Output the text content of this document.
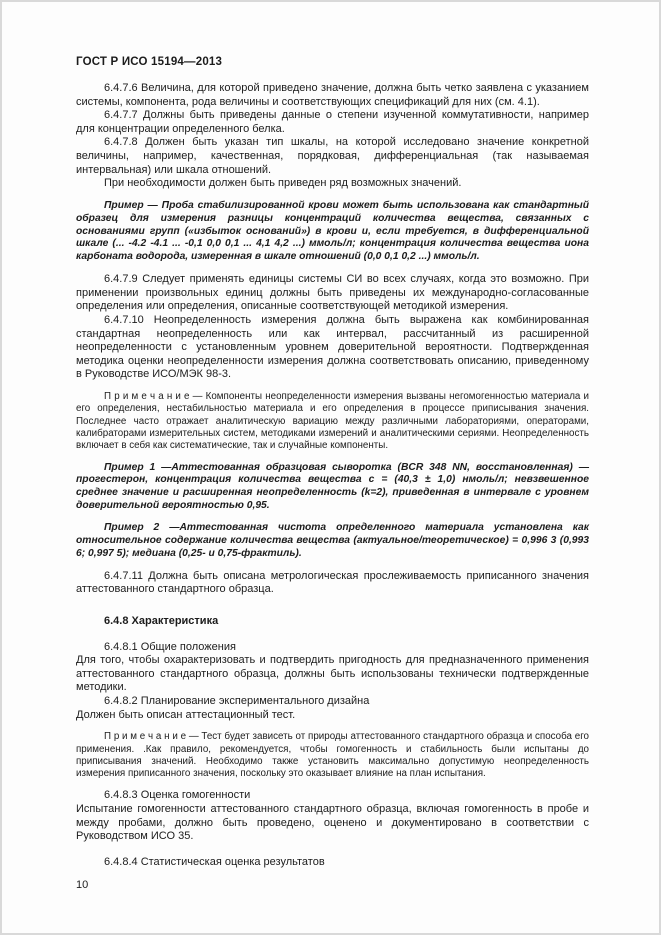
ГОСТ Р ИСО 15194—2013

6.4.7.6 Величина, для которой приведено значение, должна быть четко заявлена с указанием системы, компонента, рода величины и соответствующих спецификаций для них (см. 4.1).

6.4.7.7 Должны быть приведены данные о степени изученной коммутативности, например для концентрации определенного белка.

6.4.7.8 Должен быть указан тип шкалы, на которой исследовано значение конкретной величины, например, качественная, порядковая, дифференциальная (так называемая интервальная) или шкала отношений.

При необходимости должен быть приведен ряд возможных значений.

Пример — Проба стабилизированной крови может быть использована как стандартный образец для измерения разницы концентраций количества вещества, связанных с основаниями групп («избыток оснований») в крови и, если требуется, в дифференциальной шкале (... -4.2 -4.1 ... -0,1 0,0 0,1 ... 4,1 4,2 ...) ммоль/л; концентрация количества вещества иона карбоната водорода, измеренная в шкале отношений (0,0 0,1 0,2 ...) ммоль/л.

6.4.7.9 Следует применять единицы системы СИ во всех случаях, когда это возможно. При применении произвольных единиц должны быть приведены их международно-согласованные определения или определения, описанные соответствующей методикой измерения.

6.4.7.10 Неопределенность измерения должна быть выражена как комбинированная стандартная неопределенность или как интервал, рассчитанный из расширенной неопределенности с установленным уровнем доверительной вероятности. Подтвержденная методика оценки неопределенности измерения должна соответствовать описанию, приведенному в Руководстве ИСО/МЭК 98-3.

П р и м е ч а н и е — Компоненты неопределенности измерения вызваны негомогенностью материала и его определения, нестабильностью материала и его определения в процессе приписывания значения. Последнее часто отражает аналитическую вариацию между различными лабораториями, операторами, калибраторами измерительных систем, методиками измерений и аналитическими сериями. Неопределенность включает в себя как систематические, так и случайные компоненты.

Пример 1 —Аттестованная образцовая сыворотка (BCR 348 NN, восстановленная) — прогестерон, концентрация количества вещества с = (40,3 ± 1,0) нмоль/л; невзвешенное среднее значение и расширенная неопределенность (k=2), приведенная в интервале с уровнем доверительной вероятностью 0,95.

Пример 2 —Аттестованная чистота определенного материала установлена как относительное содержание количества вещества (актуальное/теоретическое) = 0,996 3 (0,993 6; 0,997 5); медиана (0,25- и 0,75-фрактиль).

6.4.7.11 Должна быть описана метрологическая прослеживаемость приписанного значения аттестованного стандартного образца.

6.4.8 Характеристика

6.4.8.1 Общие положения

Для того, чтобы охарактеризовать и подтвердить пригодность для предназначенного применения аттестованного стандартного образца, должны быть использованы технически подтвержденные методики.

6.4.8.2 Планирование экспериментального дизайна

Должен быть описан аттестационный тест.

П р и м е ч а н и е — Тест будет зависеть от природы аттестованного стандартного образца и способа его применения. .Как правило, рекомендуется, чтобы гомогенность и стабильность были испытаны до приписывания значений. Необходимо также установить максимально допустимую неопределенность измерения приписанного значения, поскольку это оказывает влияние на план испытания.

6.4.8.3 Оценка гомогенности

Испытание гомогенности аттестованного стандартного образца, включая гомогенность в пробе и между пробами, должно быть проведено, оценено и документировано в соответствии с Руководством ИСО 35.

6.4.8.4 Статистическая оценка результатов

10
